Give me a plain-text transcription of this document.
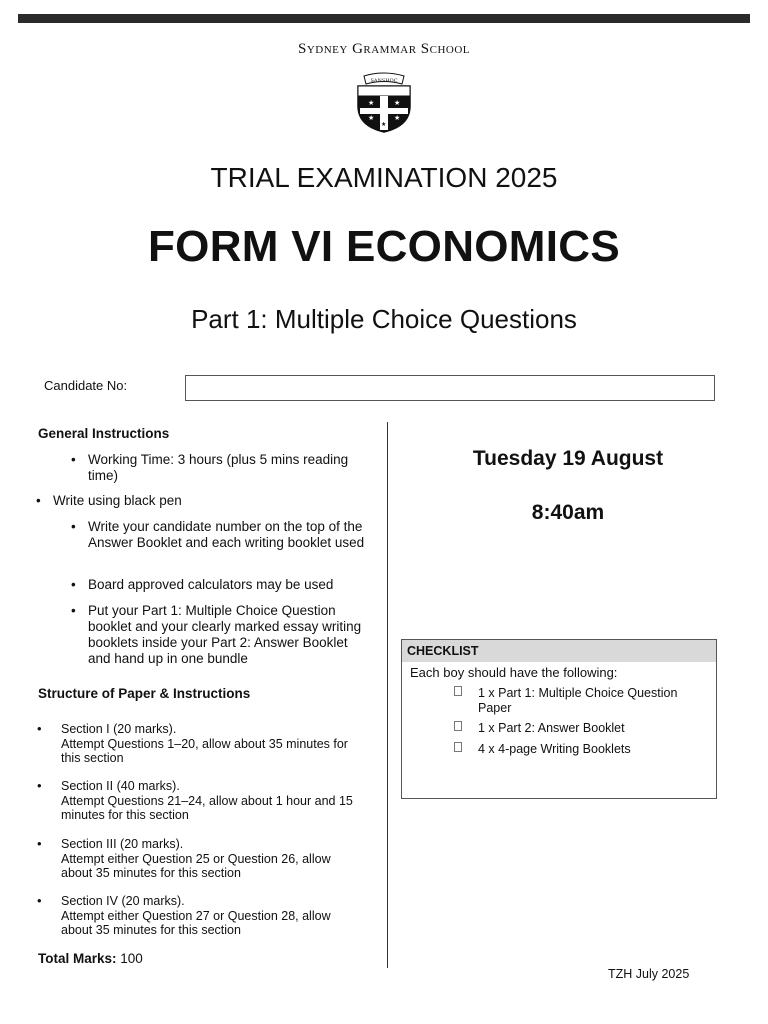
Sydney Grammar School
★	★
★	★
★
SANSHOC
TRIAL EXAMINATION 2025
FORM VI ECONOMICS
Part 1: Multiple Choice Questions
Candidate No:
General Instructions
• Working Time: 3 hours (plus 5 mins reading time)
• Write using black pen
• Write your candidate number on the top of the Answer Booklet and each writing booklet used
• Board approved calculators may be used
• Put your Part 1: Multiple Choice Question booklet and your clearly marked essay writing booklets inside your Part 2: Answer Booklet and hand up in one bundle
Structure of Paper & Instructions
• Section I (20 marks).
Attempt Questions 1–20, allow about 35 minutes for this section
• Section II (40 marks).
Attempt Questions 21–24, allow about 1 hour and 15 minutes for this section
• Section III (20 marks).
Attempt either Question 25 or Question 26, allow about 35 minutes for this section
• Section IV (20 marks).
Attempt either Question 27 or Question 28, allow about 35 minutes for this section
Total Marks: 100
Tuesday 19 August
8:40am
CHECKLIST
Each boy should have the following:
1 x Part 1: Multiple Choice Question Paper
1 x Part 2: Answer Booklet
4 x 4-page Writing Booklets
TZH July 2025
